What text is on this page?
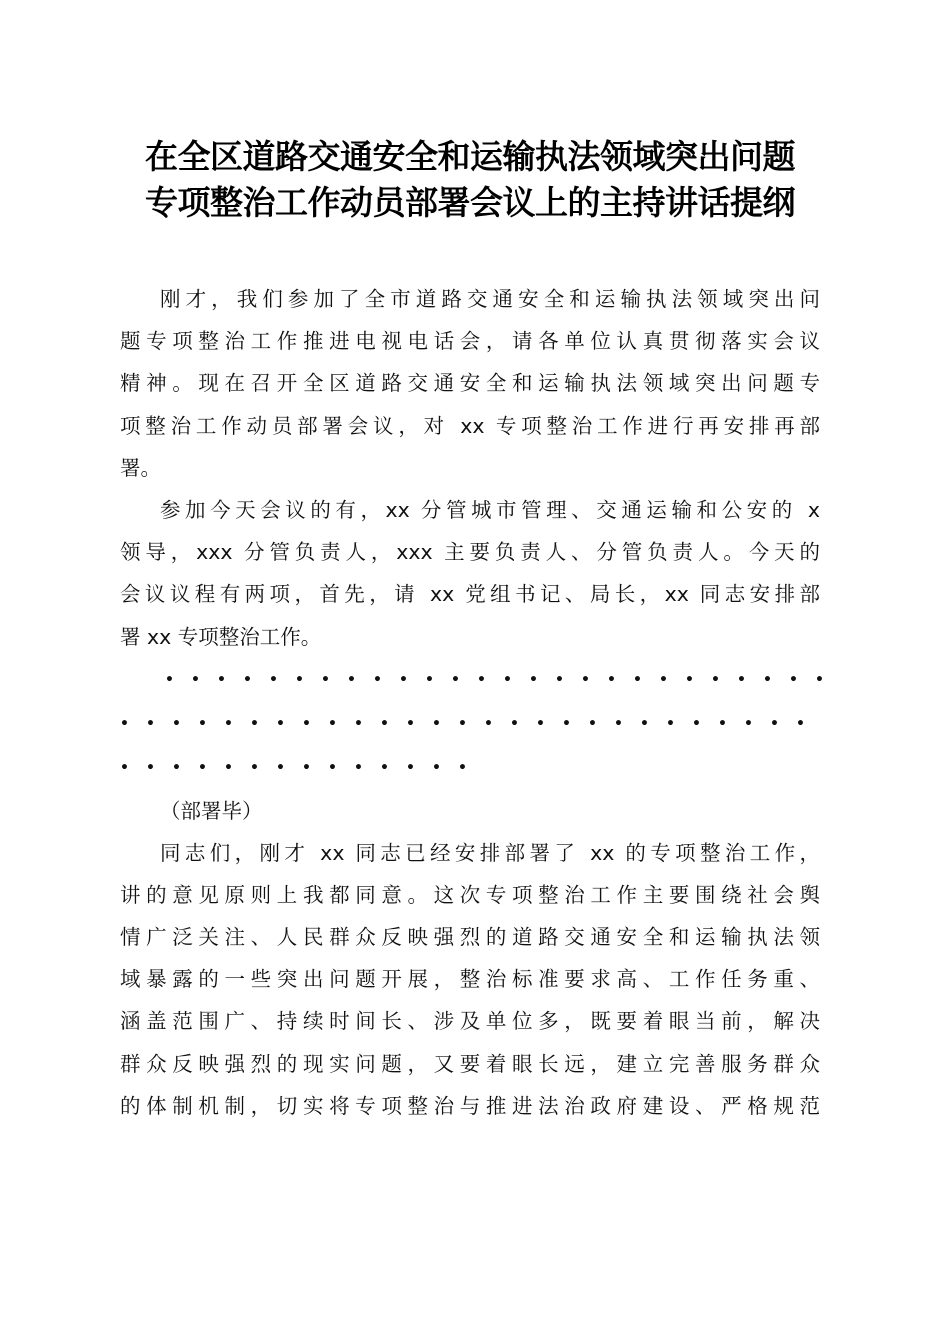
在全区道路交通安全和运输执法领域突出问题
专项整治工作动员部署会议上的主持讲话提纲
刚才，我们参加了全市道路交通安全和运输执法领域突出问
题专项整治工作推进电视电话会，请各单位认真贯彻落实会议
精神。现在召开全区道路交通安全和运输执法领域突出问题专
项整治工作动员部署会议，对 xx 专项整治工作进行再安排再部
署。
参加今天会议的有，xx 分管城市管理、交通运输和公安的 x
领导，xxx 分管负责人，xxx 主要负责人、分管负责人。今天的
会议议程有两项，首先，请 xx 党组书记、局长，xx 同志安排部
署 xx 专项整治工作。
• • • • • • • • • • • • • • • • • • • • • • • • • •
• • • • • • • • • • • • • • • • • • • • • • • • • • •
• • • • • • • • • • • • • •
（部署毕）
同志们，刚才 xx 同志已经安排部署了 xx 的专项整治工作，
讲的意见原则上我都同意。这次专项整治工作主要围绕社会舆
情广泛关注、人民群众反映强烈的道路交通安全和运输执法领
域暴露的一些突出问题开展，整治标准要求高、工作任务重、
涵盖范围广、持续时间长、涉及单位多，既要着眼当前，解决
群众反映强烈的现实问题，又要着眼长远，建立完善服务群众
的体制机制，切实将专项整治与推进法治政府建设、严格规范
